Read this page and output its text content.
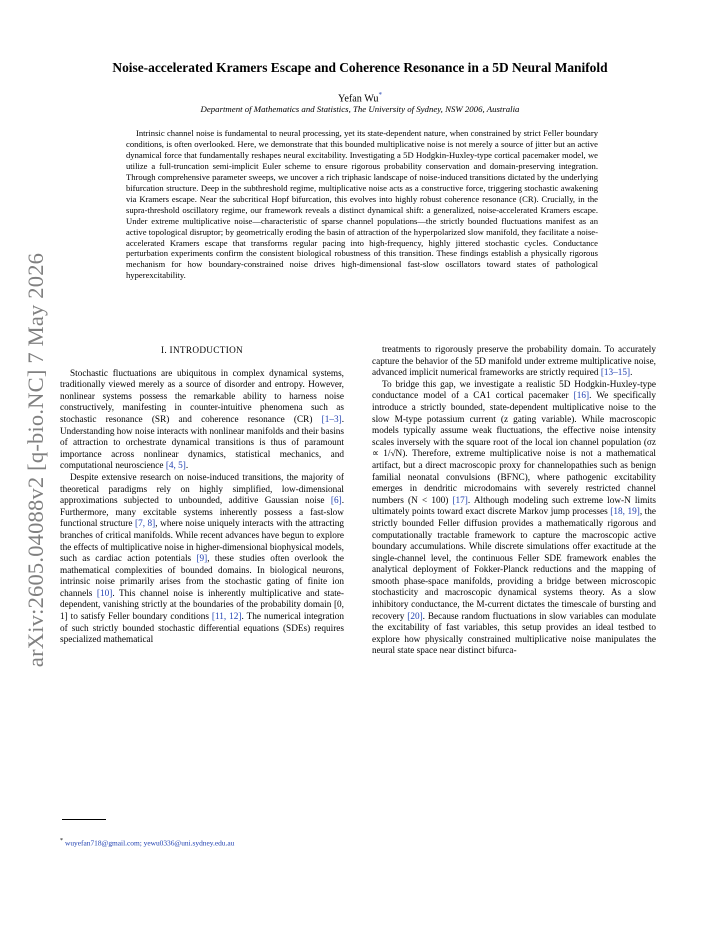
arXiv:2605.04088v2 [q-bio.NC] 7 May 2026
Noise-accelerated Kramers Escape and Coherence Resonance in a 5D Neural Manifold
Yefan Wu*
Department of Mathematics and Statistics, The University of Sydney, NSW 2006, Australia
Intrinsic channel noise is fundamental to neural processing, yet its state-dependent nature, when constrained by strict Feller boundary conditions, is often overlooked. Here, we demonstrate that this bounded multiplicative noise is not merely a source of jitter but an active dynamical force that fundamentally reshapes neural excitability. Investigating a 5D Hodgkin-Huxley-type cortical pacemaker model, we utilize a full-truncation semi-implicit Euler scheme to ensure rigorous probability conservation and domain-preserving integration. Through comprehensive parameter sweeps, we uncover a rich triphasic landscape of noise-induced transitions dictated by the underlying bifurcation structure. Deep in the subthreshold regime, multiplicative noise acts as a constructive force, triggering stochastic awakening via Kramers escape. Near the subcritical Hopf bifurcation, this evolves into highly robust coherence resonance (CR). Crucially, in the supra-threshold oscillatory regime, our framework reveals a distinct dynamical shift: a generalized, noise-accelerated Kramers escape. Under extreme multiplicative noise—characteristic of sparse channel populations—the strictly bounded fluctuations manifest as an active topological disruptor; by geometrically eroding the basin of attraction of the hyperpolarized slow manifold, they facilitate a noise-accelerated Kramers escape that transforms regular pacing into high-frequency, highly jittered stochastic cycles. Conductance perturbation experiments confirm the consistent biological robustness of this transition. These findings establish a physically rigorous mechanism for how boundary-constrained noise drives high-dimensional fast-slow oscillators toward states of pathological hyperexcitability.
I. INTRODUCTION

Stochastic fluctuations are ubiquitous in complex dynamical systems, traditionally viewed merely as a source of disorder and entropy. However, nonlinear systems possess the remarkable ability to harness noise constructively, manifesting in counter-intuitive phenomena such as stochastic resonance (SR) and coherence resonance (CR) [1–3]. Understanding how noise interacts with nonlinear manifolds and their basins of attraction to orchestrate dynamical transitions is thus of paramount importance across nonlinear dynamics, statistical mechanics, and computational neuroscience [4, 5].

Despite extensive research on noise-induced transitions, the majority of theoretical paradigms rely on highly simplified, low-dimensional approximations subjected to unbounded, additive Gaussian noise [6]. Furthermore, many excitable systems inherently possess a fast-slow functional structure [7, 8], where noise uniquely interacts with the attracting branches of critical manifolds. While recent advances have begun to explore the effects of multiplicative noise in higher-dimensional biophysical models, such as cardiac action potentials [9], these studies often overlook the mathematical complexities of bounded domains. In biological neurons, intrinsic noise primarily arises from the stochastic gating of finite ion channels [10]. This channel noise is inherently multiplicative and state-dependent, vanishing strictly at the boundaries of the probability domain [0, 1] to satisfy Feller boundary conditions [11, 12]. The numerical integration of such strictly bounded stochastic differential equations (SDEs) requires specialized mathematical

treatments to rigorously preserve the probability domain. To accurately capture the behavior of the 5D manifold under extreme multiplicative noise, advanced implicit numerical frameworks are strictly required [13–15].

To bridge this gap, we investigate a realistic 5D Hodgkin-Huxley-type conductance model of a CA1 cortical pacemaker [16]. We specifically introduce a strictly bounded, state-dependent multiplicative noise to the slow M-type potassium current (z gating variable). While macroscopic models typically assume weak fluctuations, the effective noise intensity scales inversely with the square root of the local ion channel population (σz ∝ 1/√N). Therefore, extreme multiplicative noise is not a mathematical artifact, but a direct macroscopic proxy for channelopathies such as benign familial neonatal convulsions (BFNC), where pathogenic excitability emerges in dendritic microdomains with severely restricted channel numbers (N < 100) [17]. Although modeling such extreme low-N limits ultimately points toward exact discrete Markov jump processes [18, 19], the strictly bounded Feller diffusion provides a mathematically rigorous and computationally tractable framework to capture the macroscopic active boundary accumulations. While discrete simulations offer exactitude at the single-channel level, the continuous Feller SDE framework enables the analytical deployment of Fokker-Planck reductions and the mapping of smooth phase-space manifolds, providing a bridge between microscopic stochasticity and macroscopic dynamical systems theory. As a slow inhibitory conductance, the M-current dictates the timescale of bursting and recovery [20]. Because random fluctuations in slow variables can modulate the excitability of fast variables, this setup provides an ideal testbed to explore how physically constrained multiplicative noise manipulates the neural state space near distinct bifurca-

* wuyefan718@gmail.com; yewu0336@uni.sydney.edu.au
